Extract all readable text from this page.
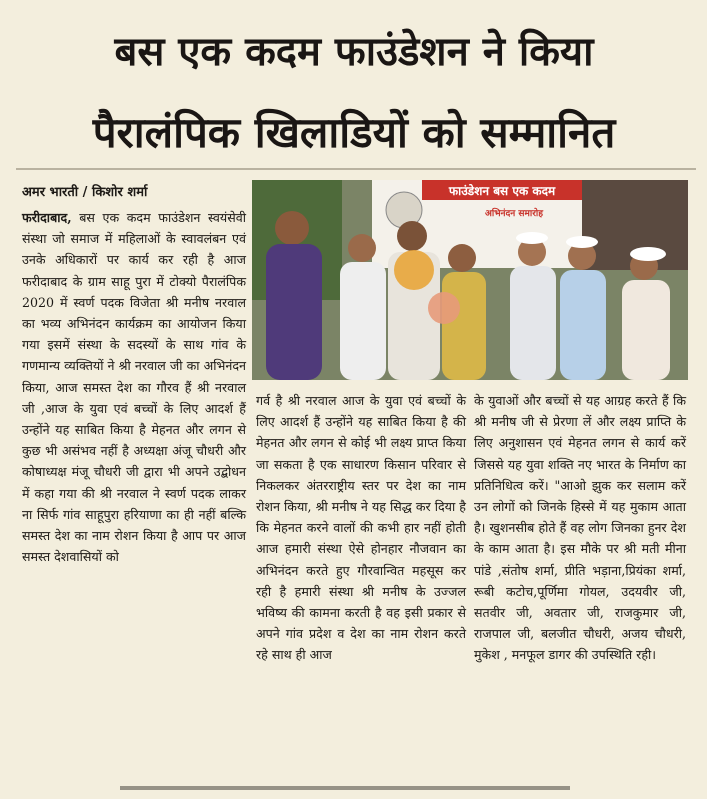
बस एक कदम फाउंडेशन ने किया
पैरालंपिक खिलाडियों को सम्मानित
अमर भारती / किशोर शर्मा

फरीदाबाद, बस एक कदम फाउंडेशन स्वयंसेवी संस्था जो समाज में महिलाओं के स्वावलंबन एवं उनके अधिकारों पर कार्य कर रही है आज फरीदाबाद के ग्राम साहू पुरा में टोक्यो पैरालंपिक 2020 में स्वर्ण पदक विजेता श्री मनीष नरवाल का भव्य अभिनंदन कार्यक्रम का आयोजन किया गया इसमें संस्था के सदस्यों के साथ गांव के गणमान्य व्यक्तियों ने श्री नरवाल जी का अभिनंदन किया, आज समस्त देश का गौरव हैं श्री नरवाल जी ,आज के युवा एवं बच्चों के लिए आदर्श हैं उन्होंने यह साबित किया है मेहनत और लगन से कुछ भी असंभव नहीं है अध्यक्षा अंजू चौधरी और कोषाध्यक्ष मंजू चौधरी जी द्वारा भी अपने उद्बोधन में कहा गया की श्री नरवाल ने स्वर्ण पदक लाकर ना सिर्फ गांव साहूपुरा हरियाणा का ही नहीं बल्कि समस्त देश का नाम रोशन किया है आप पर आज समस्त देशवासियों को

फाउंडेशन बस एक कदम
अभिनंदन समारोह

गर्व है श्री नरवाल आज के युवा एवं बच्चों के लिए आदर्श हैं उन्होंने यह साबित किया है की मेहनत और लगन से कोई भी लक्ष्य प्राप्त किया जा सकता है एक साधारण किसान परिवार से निकलकर अंतरराष्ट्रीय स्तर पर देश का नाम रोशन किया, श्री मनीष ने यह सिद्ध कर दिया है कि मेहनत करने वालों की कभी हार नहीं होती आज हमारी संस्था ऐसे होनहार नौजवान का अभिनंदन करते हुए गौरवान्वित महसूस कर रही है हमारी संस्था श्री मनीष के उज्जल भविष्य की कामना करती है वह इसी प्रकार से अपने गांव प्रदेश व देश का नाम रोशन करते रहे साथ ही आज

के युवाओं और बच्चों से यह आग्रह करते हैं कि श्री मनीष जी से प्रेरणा लें और लक्ष्य प्राप्ति के लिए अनुशासन एवं मेहनत लगन से कार्य करें जिससे यह युवा शक्ति नए भारत के निर्माण का प्रतिनिधित्व करें। "आओ झुक कर सलाम करें उन लोगों को जिनके हिस्से में यह मुकाम आता है। खुशनसीब होते हैं वह लोग जिनका हुनर देश के काम आता है। इस मौके पर श्री मती मीना पांडे ,संतोष शर्मा, प्रीति भड़ाना,प्रियंका शर्मा, रूबी कटोच,पूर्णिमा गोयल, उदयवीर जी, सतवीर जी, अवतार जी, राजकुमार जी, राजपाल जी, बलजीत चौधरी, अजय चौधरी, मुकेश , मनफूल डागर की उपस्थिति रही।
